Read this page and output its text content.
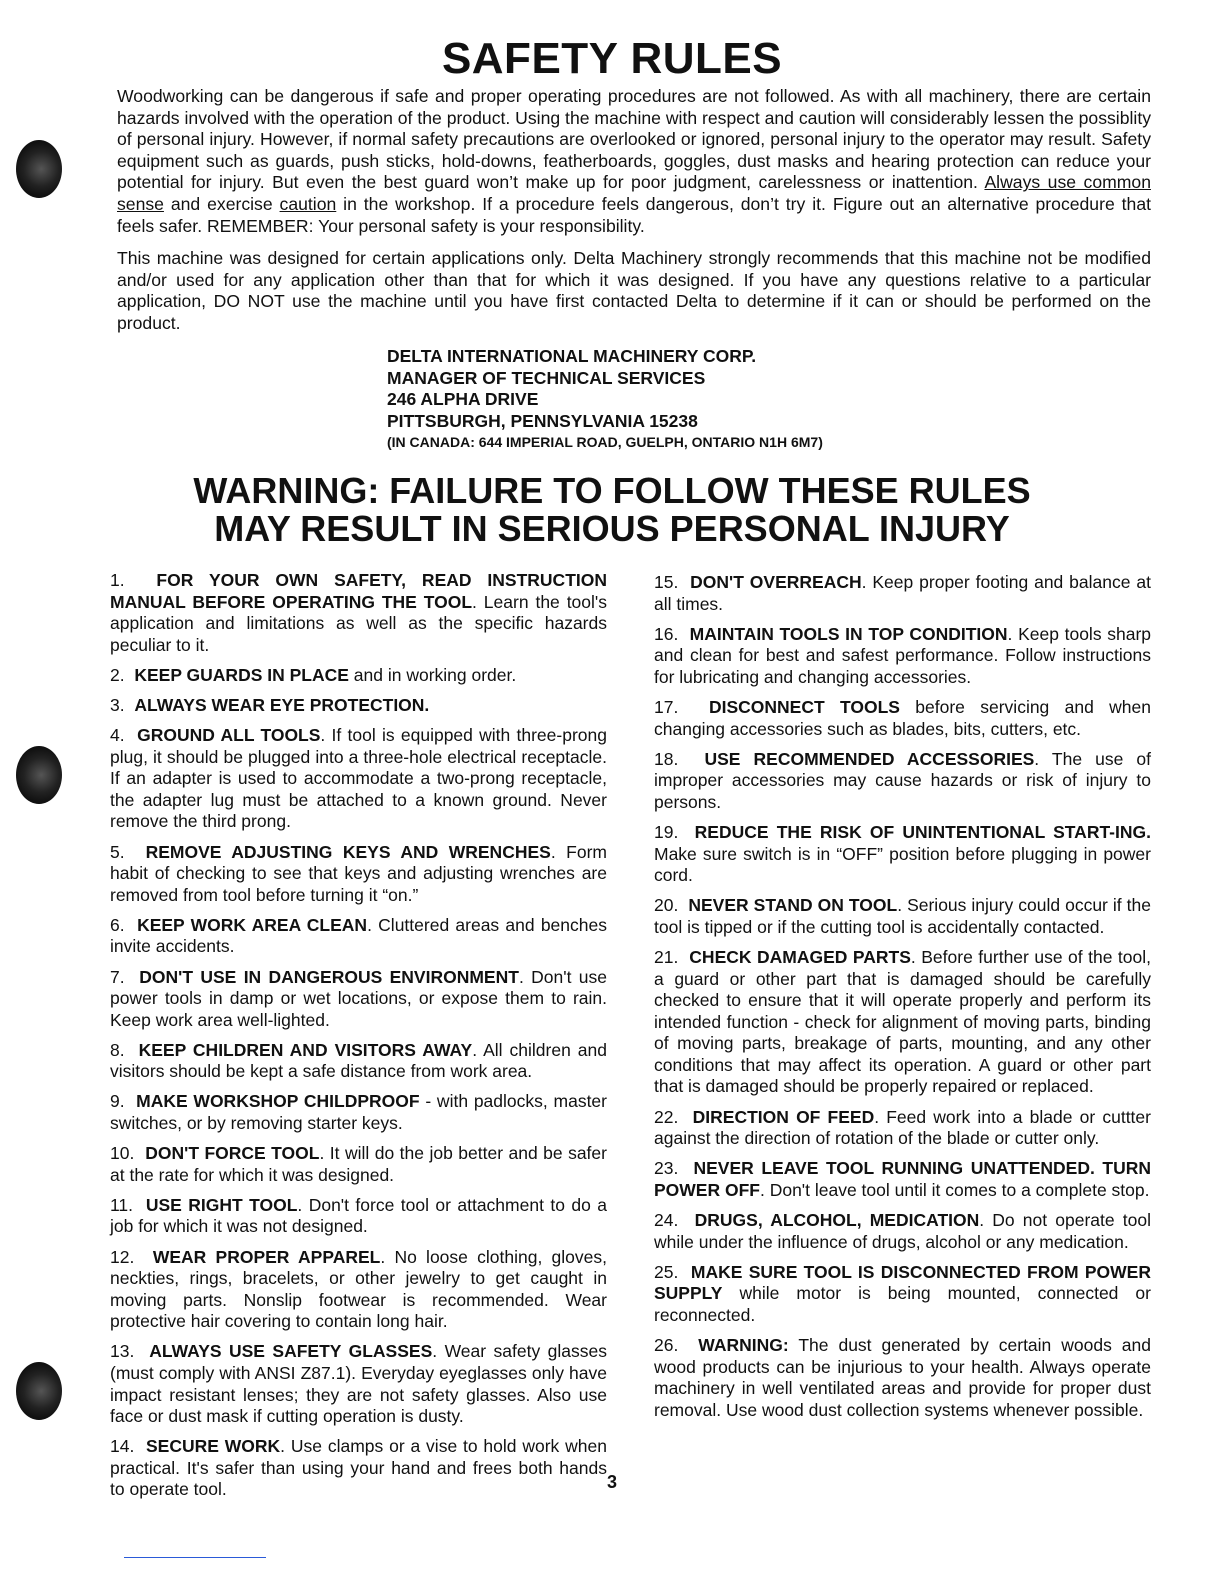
SAFETY RULES

Woodworking can be dangerous if safe and proper operating procedures are not followed. As with all machinery, there are certain hazards involved with the operation of the product. Using the machine with respect and caution will considerably lessen the possiblity of personal injury. However, if normal safety precautions are overlooked or ignored, personal injury to the operator may result. Safety equipment such as guards, push sticks, hold-downs, featherboards, goggles, dust masks and hearing protection can reduce your potential for injury. But even the best guard won’t make up for poor judgment, carelessness or inattention. Always use common sense and exercise caution in the workshop. If a procedure feels dangerous, don’t try it. Figure out an alternative procedure that feels safer. REMEMBER: Your personal safety is your responsibility.

This machine was designed for certain applications only. Delta Machinery strongly recommends that this machine not be modified and/or used for any application other than that for which it was designed. If you have any questions relative to a particular application, DO NOT use the machine until you have first contacted Delta to determine if it can or should be performed on the product.

DELTA INTERNATIONAL MACHINERY CORP.
MANAGER OF TECHNICAL SERVICES
246 ALPHA DRIVE
PITTSBURGH, PENNSYLVANIA 15238
(IN CANADA: 644 IMPERIAL ROAD, GUELPH, ONTARIO N1H 6M7)
WARNING: FAILURE TO FOLLOW THESE RULES
MAY RESULT IN SERIOUS PERSONAL INJURY

1. FOR YOUR OWN SAFETY, READ INSTRUCTION MANUAL BEFORE OPERATING THE TOOL. Learn the tool's application and limitations as well as the specific hazards peculiar to it.

2. KEEP GUARDS IN PLACE and in working order.

3. ALWAYS WEAR EYE PROTECTION.

4. GROUND ALL TOOLS. If tool is equipped with three-prong plug, it should be plugged into a three-hole electrical receptacle. If an adapter is used to accommodate a two-prong receptacle, the adapter lug must be attached to a known ground. Never remove the third prong.

5. REMOVE ADJUSTING KEYS AND WRENCHES. Form habit of checking to see that keys and adjusting wrenches are removed from tool before turning it “on.”

6. KEEP WORK AREA CLEAN. Cluttered areas and benches invite accidents.

7. DON'T USE IN DANGEROUS ENVIRONMENT. Don't use power tools in damp or wet locations, or expose them to rain. Keep work area well-lighted.

8. KEEP CHILDREN AND VISITORS AWAY. All children and visitors should be kept a safe distance from work area.

9. MAKE WORKSHOP CHILDPROOF - with padlocks, master switches, or by removing starter keys.

10. DON'T FORCE TOOL. It will do the job better and be safer at the rate for which it was designed.

11. USE RIGHT TOOL. Don't force tool or attachment to do a job for which it was not designed.

12. WEAR PROPER APPAREL. No loose clothing, gloves, neckties, rings, bracelets, or other jewelry to get caught in moving parts. Nonslip footwear is recommended. Wear protective hair covering to contain long hair.

13. ALWAYS USE SAFETY GLASSES. Wear safety glasses (must comply with ANSI Z87.1). Everyday eyeglasses only have impact resistant lenses; they are not safety glasses. Also use face or dust mask if cutting operation is dusty.

14. SECURE WORK. Use clamps or a vise to hold work when practical. It's safer than using your hand and frees both hands to operate tool.

15. DON'T OVERREACH. Keep proper footing and balance at all times.

16. MAINTAIN TOOLS IN TOP CONDITION. Keep tools sharp and clean for best and safest performance. Follow instructions for lubricating and changing accessories.

17. DISCONNECT TOOLS before servicing and when changing accessories such as blades, bits, cutters, etc.

18. USE RECOMMENDED ACCESSORIES. The use of improper accessories may cause hazards or risk of injury to persons.

19. REDUCE THE RISK OF UNINTENTIONAL START-ING. Make sure switch is in “OFF” position before plugging in power cord.

20. NEVER STAND ON TOOL. Serious injury could occur if the tool is tipped or if the cutting tool is accidentally contacted.

21. CHECK DAMAGED PARTS. Before further use of the tool, a guard or other part that is damaged should be carefully checked to ensure that it will operate properly and perform its intended function - check for alignment of moving parts, binding of moving parts, breakage of parts, mounting, and any other conditions that may affect its operation. A guard or other part that is damaged should be properly repaired or replaced.

22. DIRECTION OF FEED. Feed work into a blade or cuttter against the direction of rotation of the blade or cutter only.

23. NEVER LEAVE TOOL RUNNING UNATTENDED. TURN POWER OFF. Don't leave tool until it comes to a complete stop.

24. DRUGS, ALCOHOL, MEDICATION. Do not operate tool while under the influence of drugs, alcohol or any medication.

25. MAKE SURE TOOL IS DISCONNECTED FROM POWER SUPPLY while motor is being mounted, connected or reconnected.

26. WARNING: The dust generated by certain woods and wood products can be injurious to your health. Always operate machinery in well ventilated areas and provide for proper dust removal. Use wood dust collection systems whenever possible.

3
